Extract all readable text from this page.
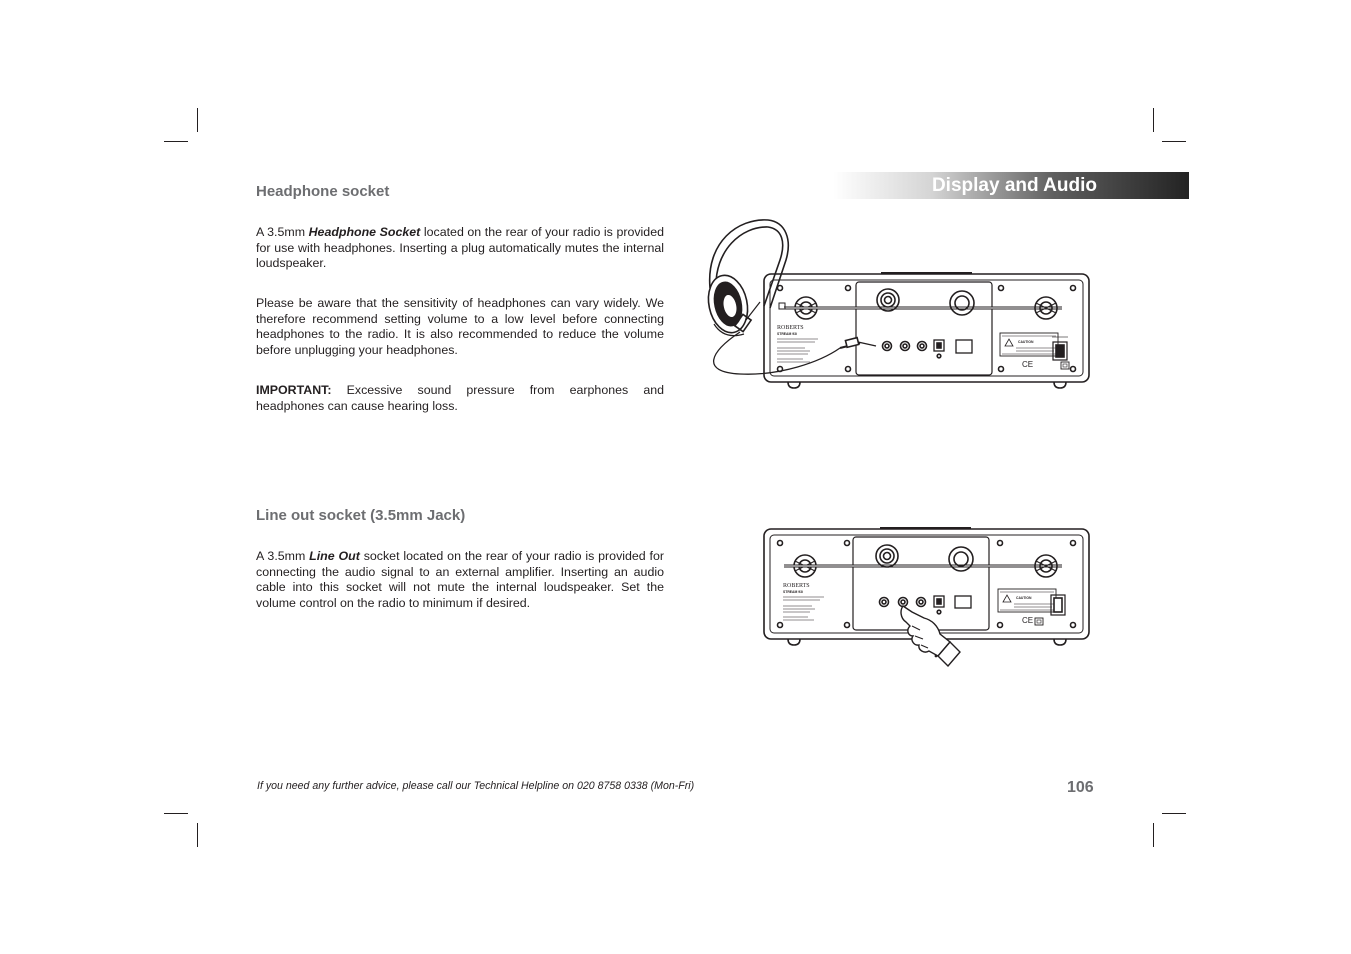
Display and Audio
Headphone socket
A 3.5mm Headphone Socket located on the rear of your radio is provided for use with headphones. Inserting a plug automatically mutes the internal loudspeaker.
Please be aware that the sensitivity of headphones can vary widely. We therefore recommend setting volume to a low level before connecting headphones to the radio. It is also recommended to reduce the volume before unplugging your headphones.
IMPORTANT: Excessive sound pressure from earphones and headphones can cause hearing loss.
Line out socket (3.5mm Jack)
A 3.5mm Line Out socket located on the rear of your radio is provided for connecting the audio signal to an external amplifier. Inserting an audio cable into this socket will not mute the internal loudspeaker. Set the volume control on the radio to minimum if desired.
ROBERTS
STREAM 93i
CAUTION
CE
ROBERTS
STREAM 93i
CAUTION
CE
If you need any further advice, please call our Technical Helpline on 020 8758 0338 (Mon-Fri)	106
